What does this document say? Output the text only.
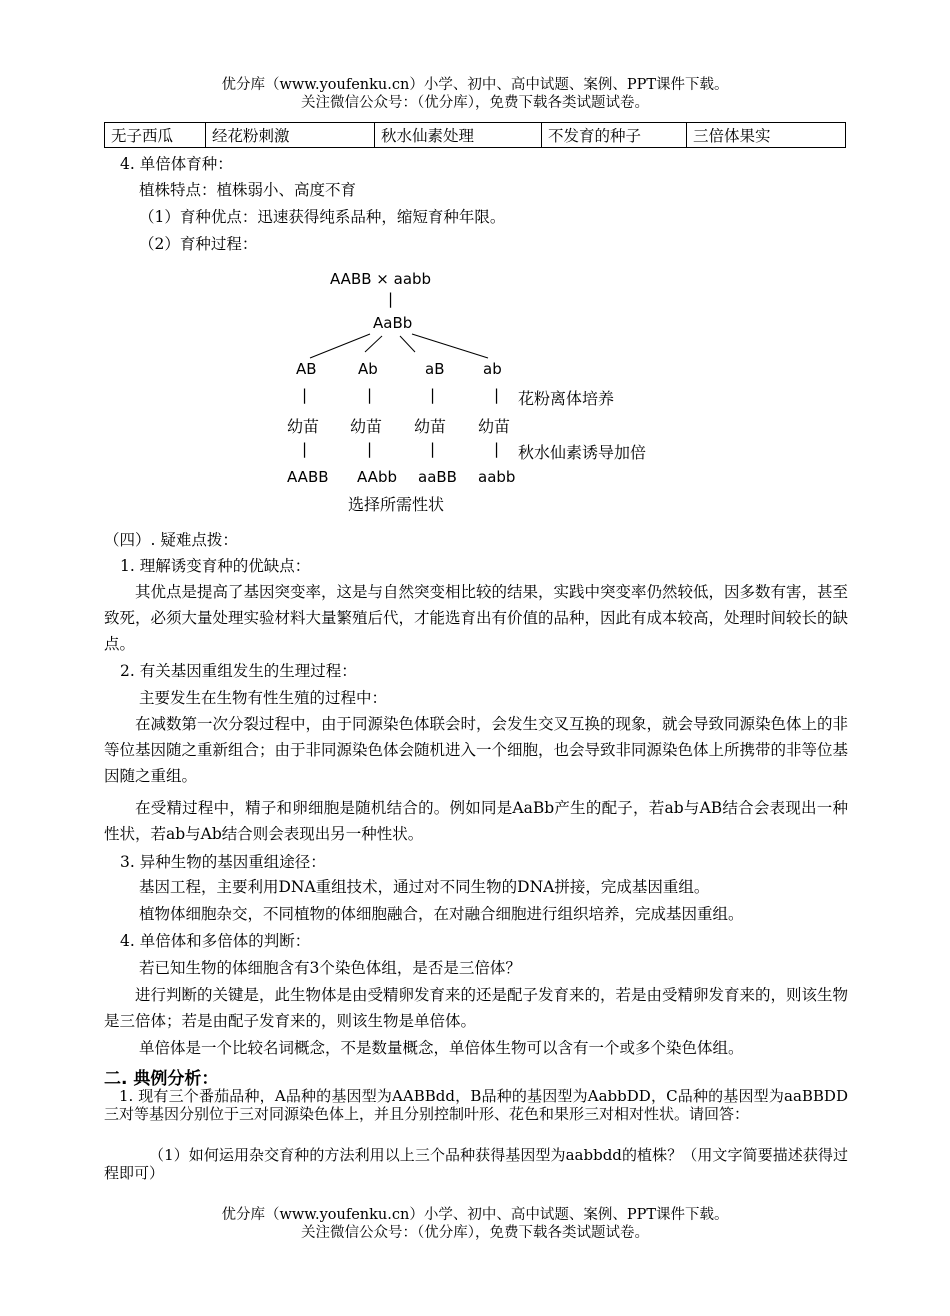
优分库（www.youfenku.cn）小学、初中、高中试题、案例、PPT课件下载。
关注微信公众号：（优分库），免费下载各类试题试卷。
无子西瓜	经花粉刺激	秋水仙素处理	不发育的种子	三倍体果实
4. 单倍体育种：
植株特点：植株弱小、高度不育
（1）育种优点：迅速获得纯系品种，缩短育种年限。
（2）育种过程：
AABB × aabb
|
AaBb
AB	Ab	aB	ab
|	|	|	| 花粉离体培养
幼苗 幼苗 幼苗 幼苗
|	|	|	| 秋水仙素诱导加倍
AABB AAbb aaBB aabb
选择所需性状
（四）. 疑难点拨：
1. 理解诱变育种的优缺点：
其优点是提高了基因突变率，这是与自然突变相比较的结果，实践中突变率仍然较低，因多数有害，甚至致死，必须大量处理实验材料大量繁殖后代，才能选育出有价值的品种，因此有成本较高，处理时间较长的缺点。
2. 有关基因重组发生的生理过程：
主要发生在生物有性生殖的过程中：
在减数第一次分裂过程中，由于同源染色体联会时，会发生交叉互换的现象，就会导致同源染色体上的非等位基因随之重新组合；由于非同源染色体会随机进入一个细胞，也会导致非同源染色体上所携带的非等位基因随之重组。
在受精过程中，精子和卵细胞是随机结合的。例如同是AaBb产生的配子，若ab与AB结合会表现出一种性状，若ab与Ab结合则会表现出另一种性状。
3. 异种生物的基因重组途径：
基因工程，主要利用DNA重组技术，通过对不同生物的DNA拼接，完成基因重组。
植物体细胞杂交，不同植物的体细胞融合，在对融合细胞进行组织培养，完成基因重组。
4. 单倍体和多倍体的判断：
若已知生物的体细胞含有3个染色体组，是否是三倍体？
进行判断的关键是，此生物体是由受精卵发育来的还是配子发育来的，若是由受精卵发育来的，则该生物是三倍体；若是由配子发育来的，则该生物是单倍体。
单倍体是一个比较名词概念，不是数量概念，单倍体生物可以含有一个或多个染色体组。
二. 典例分析：
1. 现有三个番茄品种，A品种的基因型为AABBdd，B品种的基因型为AabbDD，C品种的基因型为aaBBDD三对等基因分别位于三对同源染色体上，并且分别控制叶形、花色和果形三对相对性状。请回答：
（1）如何运用杂交育种的方法利用以上三个品种获得基因型为aabbdd的植株？（用文字简要描述获得过程即可）
优分库（www.youfenku.cn）小学、初中、高中试题、案例、PPT课件下载。
关注微信公众号：（优分库），免费下载各类试题试卷。
